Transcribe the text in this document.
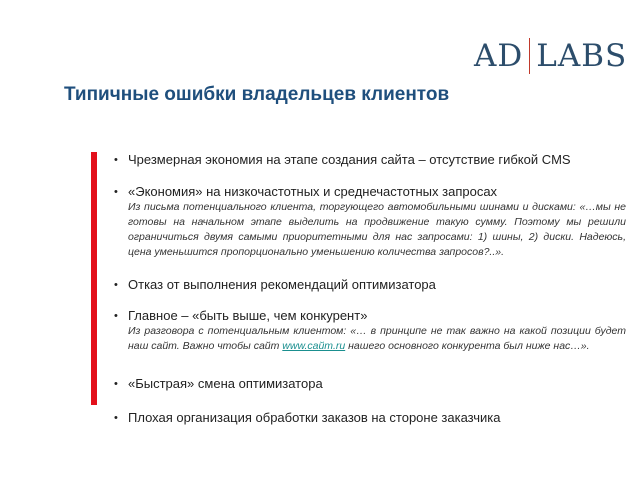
AD LABS
Типичные ошибки владельцев клиентов
• Чрезмерная экономия на этапе создания сайта – отсутствие гибкой CMS
• «Экономия» на низкочастотных и среднечастотных запросах
Из письма потенциального клиента, торгующего автомобильными шинами и дисками: «…мы не готовы на начальном этапе выделить на продвижение такую сумму. Поэтому мы решили ограничиться двумя самыми приоритетными для нас запросами: 1) шины, 2) диски. Надеюсь, цена уменьшится пропорционально уменьшению количества запросов?..».
• Отказ от выполнения рекомендаций оптимизатора
• Главное – «быть выше, чем конкурент»
Из разговора с потенциальным клиентом: «… в принципе не так важно на какой позиции будет наш сайт. Важно чтобы сайт www.сайт.ru нашего основного конкурента был ниже нас…».
• «Быстрая» смена оптимизатора
• Плохая организация обработки заказов на стороне заказчика
